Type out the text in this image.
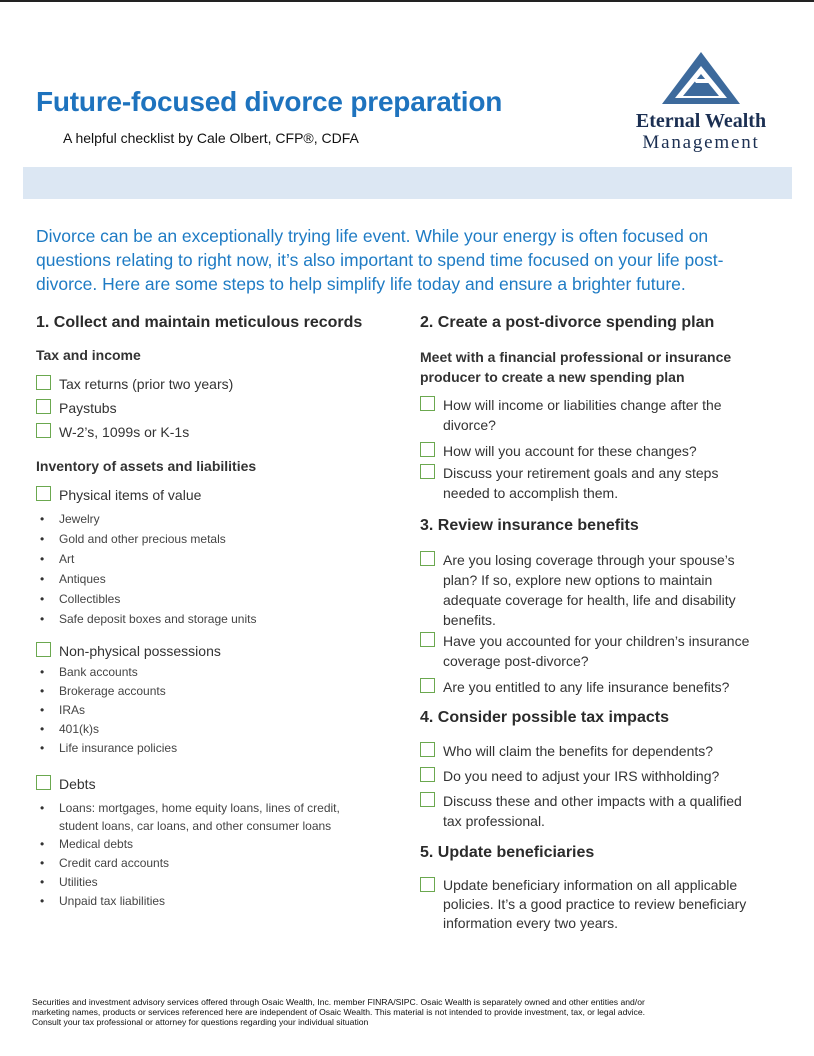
Future-focused divorce preparation
A helpful checklist by Cale Olbert, CFP®, CDFA
Eternal Wealth
Management

Divorce can be an exceptionally trying life event. While your energy is often focused on questions relating to right now, it’s also important to spend time focused on your life post-divorce. Here are some steps to help simplify life today and ensure a brighter future.

1. Collect and maintain meticulous records
Tax and income
Tax returns (prior two years)
Paystubs
W-2’s, 1099s or K-1s
Inventory of assets and liabilities
Physical items of value
• Jewelry
• Gold and other precious metals
• Art
• Antiques
• Collectibles
• Safe deposit boxes and storage units
Non-physical possessions
• Bank accounts
• Brokerage accounts
• IRAs
• 401(k)s
• Life insurance policies
Debts
• Loans: mortgages, home equity loans, lines of credit, student loans, car loans, and other consumer loans
• Medical debts
• Credit card accounts
• Utilities
• Unpaid tax liabilities
2. Create a post-divorce spending plan
Meet with a financial professional or insurance producer to create a new spending plan
How will income or liabilities change after the divorce?
How will you account for these changes?
Discuss your retirement goals and any steps needed to accomplish them.
3. Review insurance benefits
Are you losing coverage through your spouse’s plan? If so, explore new options to maintain adequate coverage for health, life and disability benefits.
Have you accounted for your children’s insurance coverage post-divorce?
Are you entitled to any life insurance benefits?
4. Consider possible tax impacts
Who will claim the benefits for dependents?
Do you need to adjust your IRS withholding?
Discuss these and other impacts with a qualified tax professional.
5. Update beneficiaries
Update beneficiary information on all applicable policies. It’s a good practice to review beneficiary information every two years.
Securities and investment advisory services offered through Osaic Wealth, Inc. member FINRA/SIPC. Osaic Wealth is separately owned and other entities and/or marketing names, products or services referenced here are independent of Osaic Wealth. This material is not intended to provide investment, tax, or legal advice. Consult your tax professional or attorney for questions regarding your individual situation
